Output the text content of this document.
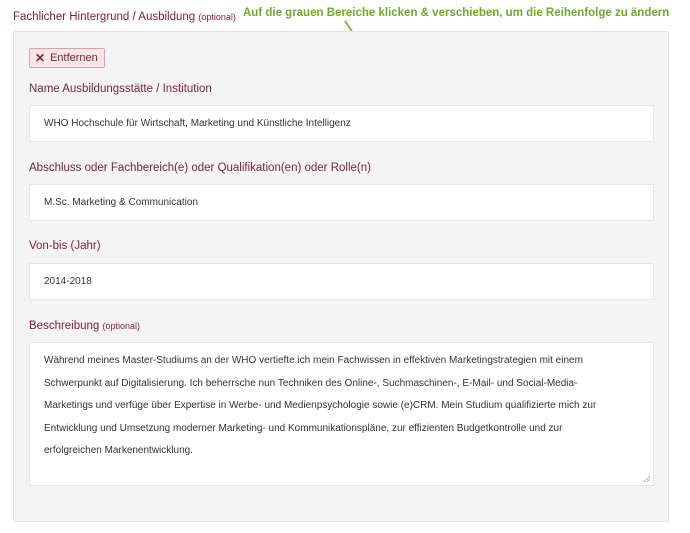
Fachlicher Hintergrund / Ausbildung (optional) Auf die grauen Bereiche klicken & verschieben, um die Reihenfolge zu ändern
✕ Entfernen
Name Ausbildungsstätte / Institution
WHO Hochschule für Wirtschaft, Marketing und Künstliche Intelligenz
Abschluss oder Fachbereich(e) oder Qualifikation(en) oder Rolle(n)
M.Sc. Marketing & Communication
Von-bis (Jahr)
2014-2018
Beschreibung (optional)
Während meines Master-Studiums an der WHO vertiefte ich mein Fachwissen in effektiven Marketingstrategien mit einem
Schwerpunkt auf Digitalisierung. Ich beherrsche nun Techniken des Online-, Suchmaschinen-, E-Mail- und Social-Media-
Marketings und verfüge über Expertise in Werbe- und Medienpsychologie sowie (e)CRM. Mein Studium qualifizierte mich zur
Entwicklung und Umsetzung moderner Marketing- und Kommunikationspläne, zur effizienten Budgetkontrolle und zur
erfolgreichen Markenentwicklung.
